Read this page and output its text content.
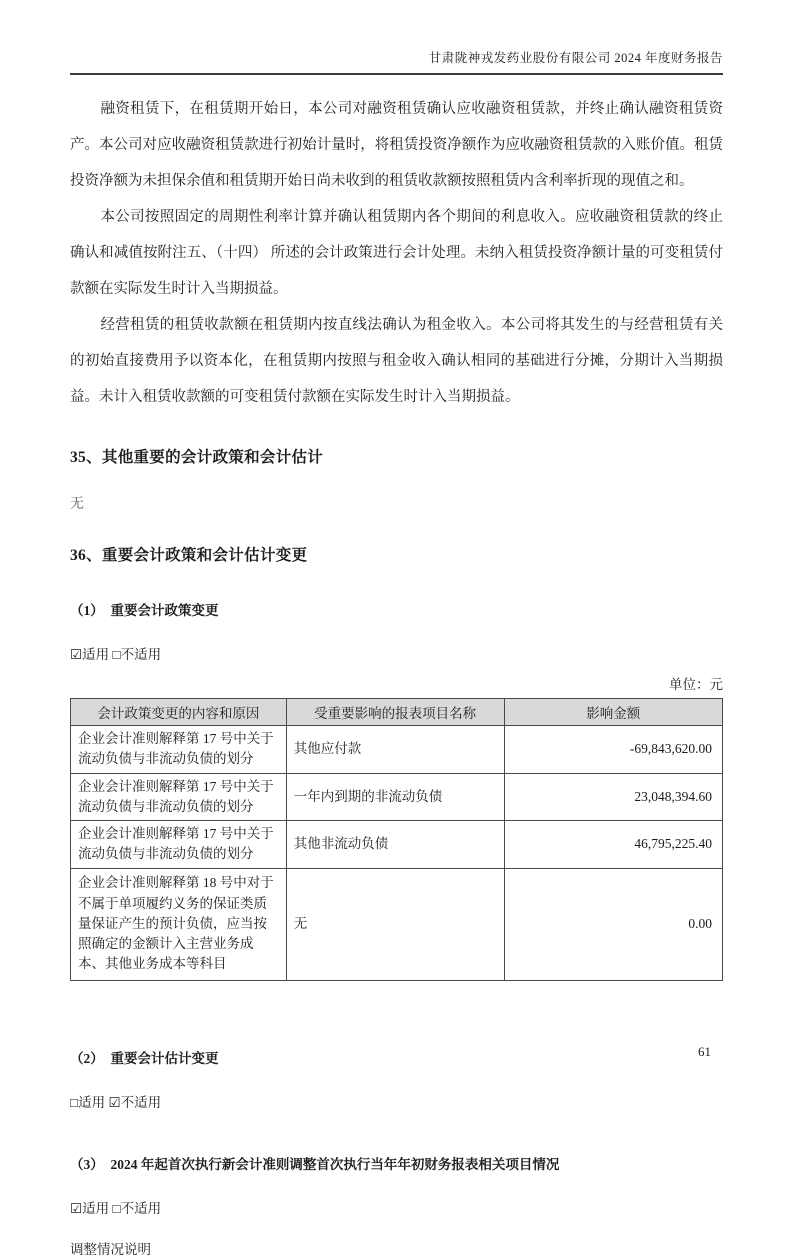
甘肃陇神戎发药业股份有限公司 2024 年度财务报告

融资租赁下，在租赁期开始日，本公司对融资租赁确认应收融资租赁款，并终止确认融资租赁资产。本公司对应收融资租赁款进行初始计量时，将租赁投资净额作为应收融资租赁款的入账价值。租赁投资净额为未担保余值和租赁期开始日尚未收到的租赁收款额按照租赁内含利率折现的现值之和。

本公司按照固定的周期性利率计算并确认租赁期内各个期间的利息收入。应收融资租赁款的终止确认和减值按附注五、（十四） 所述的会计政策进行会计处理。未纳入租赁投资净额计量的可变租赁付款额在实际发生时计入当期损益。

经营租赁的租赁收款额在租赁期内按直线法确认为租金收入。本公司将其发生的与经营租赁有关的初始直接费用予以资本化，在租赁期内按照与租金收入确认相同的基础进行分摊，分期计入当期损益。未计入租赁收款额的可变租赁付款额在实际发生时计入当期损益。

35、其他重要的会计政策和会计估计

无

36、重要会计政策和会计估计变更
（1）　重要会计政策变更
☑适用 □不适用
单位：元
会计政策变更的内容和原因	受重要影响的报表项目名称	影响金额
企业会计准则解释第 17 号中关于流动负债与非流动负债的划分	其他应付款	-69,843,620.00
企业会计准则解释第 17 号中关于流动负债与非流动负债的划分	一年内到期的非流动负债	23,048,394.60
企业会计准则解释第 17 号中关于流动负债与非流动负债的划分	其他非流动负债	46,795,225.40
企业会计准则解释第 18 号中对于不属于单项履约义务的保证类质量保证产生的预计负债，应当按照确定的金额计入主营业务成本、其他业务成本等科目	无	0.00
（2）　重要会计估计变更
□适用 ☑不适用
（3）　2024 年起首次执行新会计准则调整首次执行当年年初财务报表相关项目情况
☑适用 □不适用
调整情况说明
61
